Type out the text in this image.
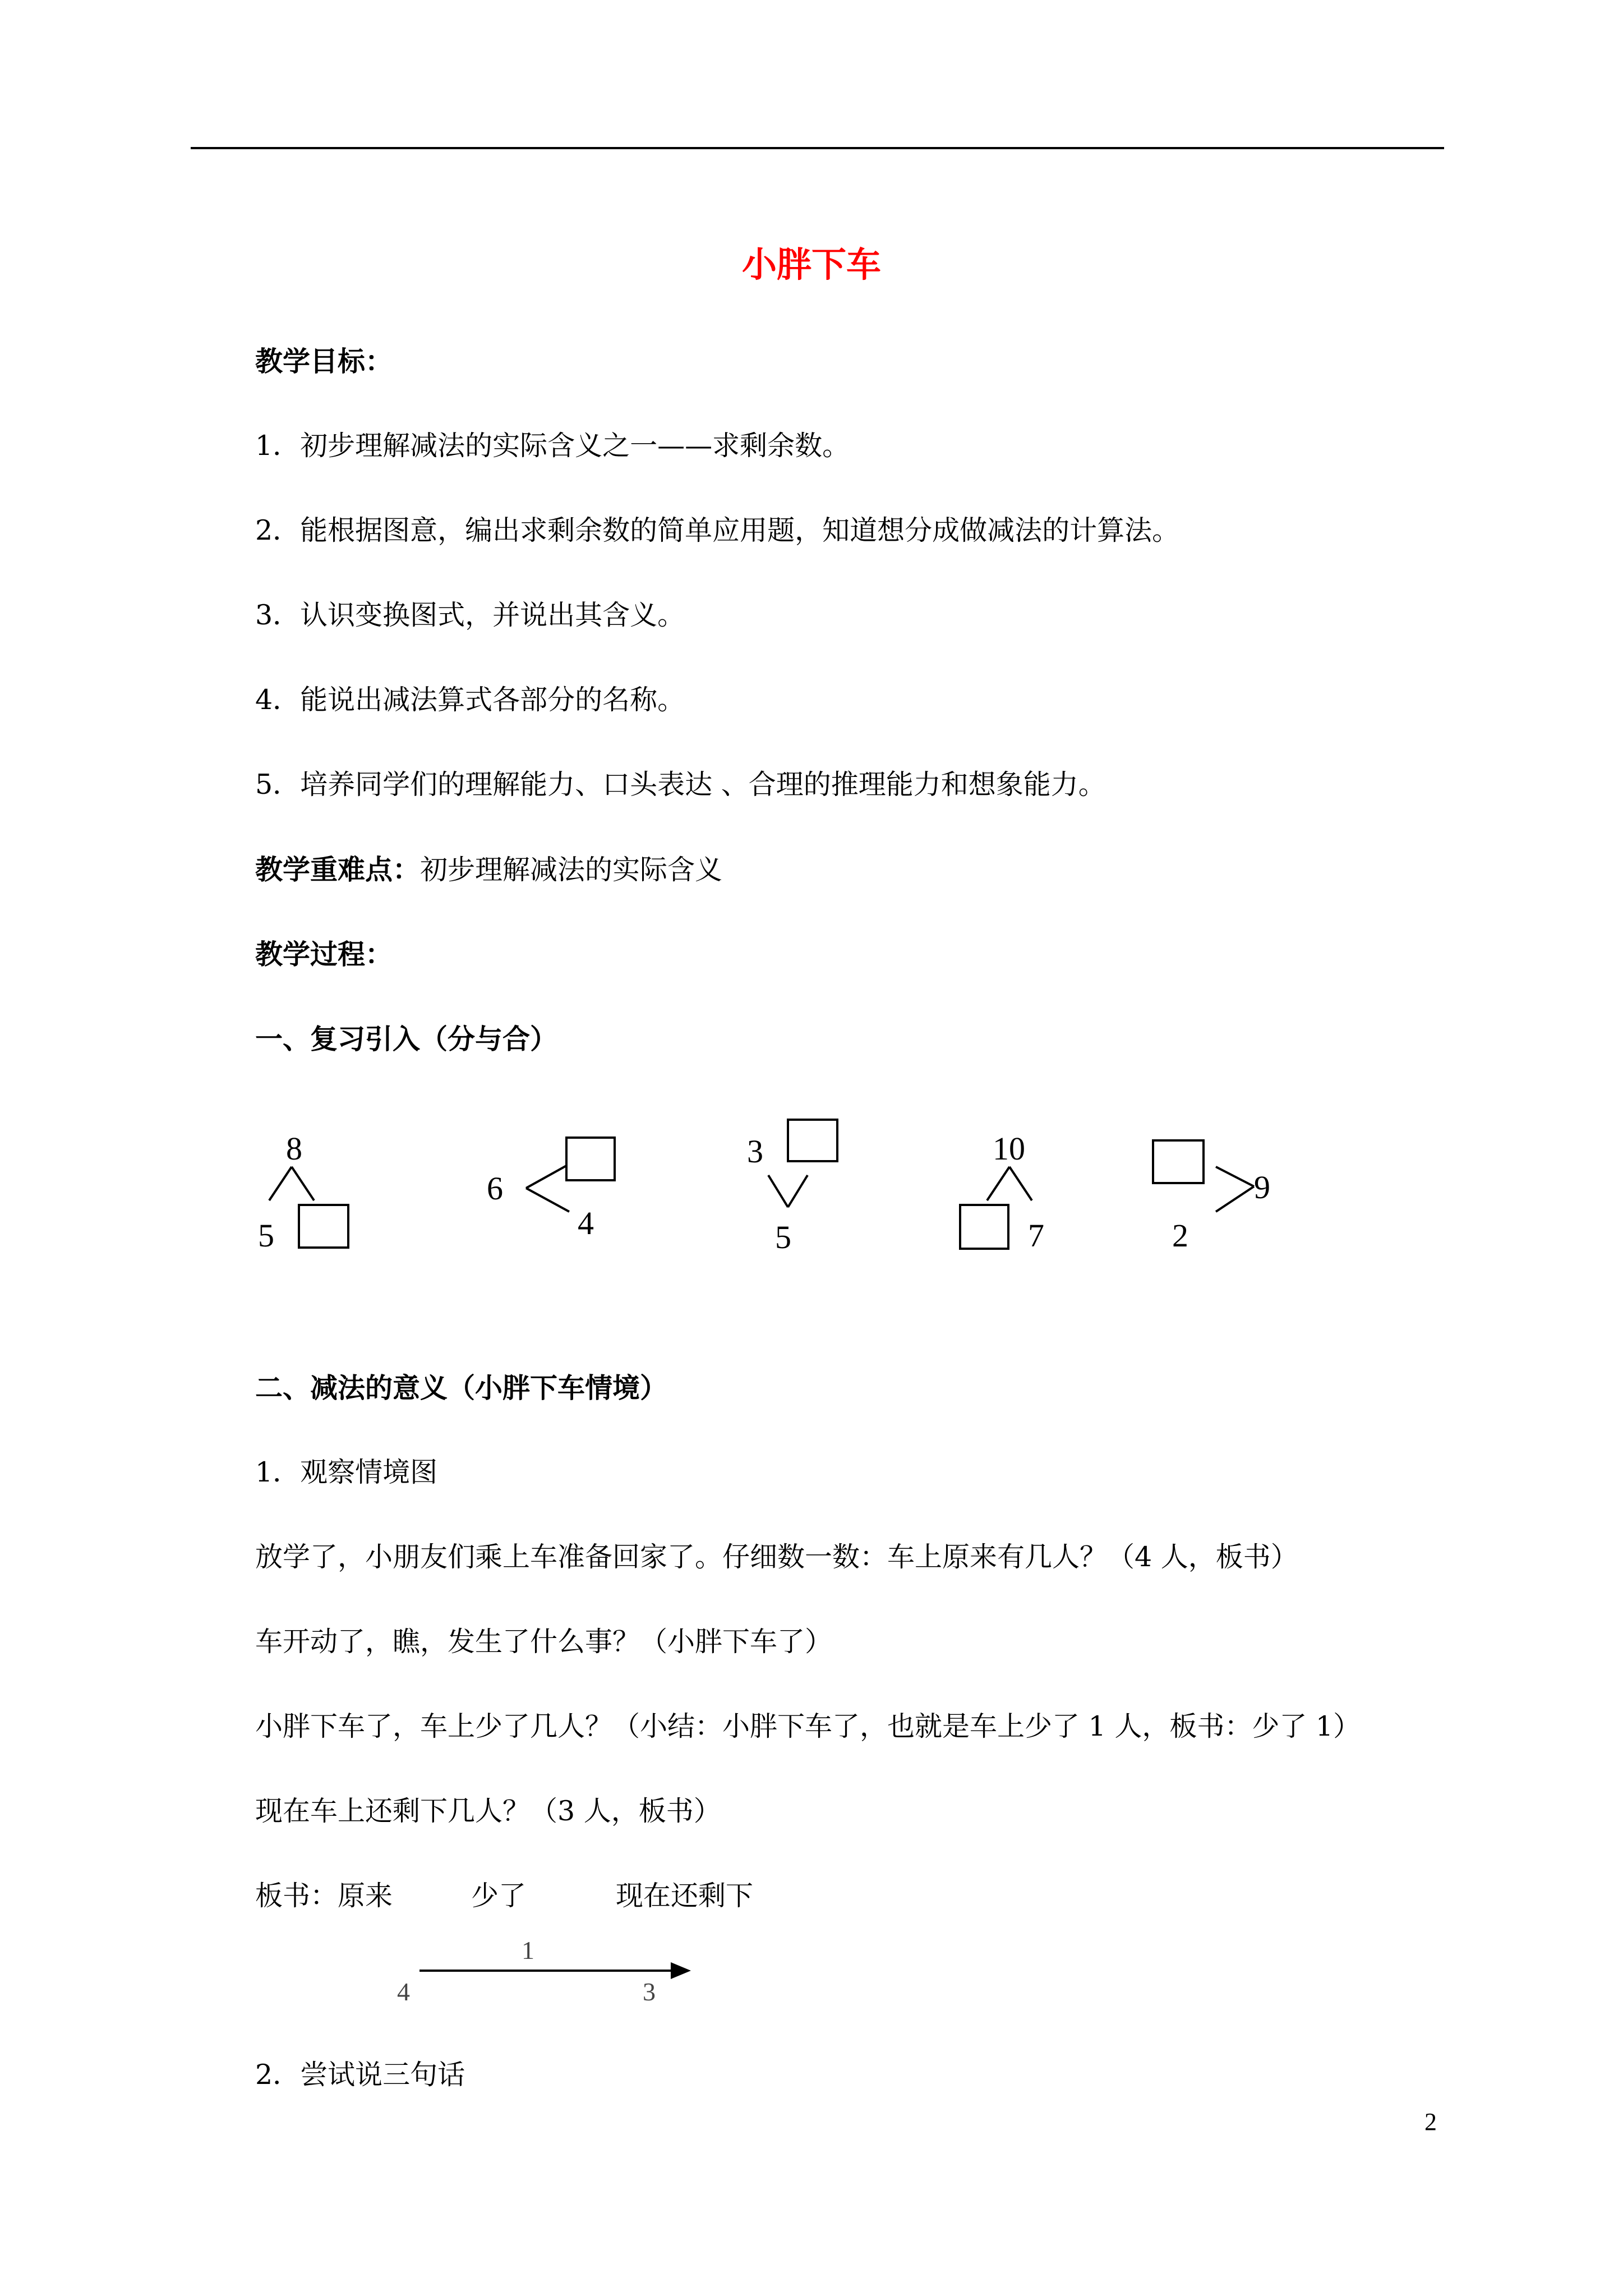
小胖下车
教学目标：
1．初步理解减法的实际含义之一——求剩余数。
2．能根据图意，编出求剩余数的简单应用题，知道想分成做减法的计算法。
3．认识变换图式，并说出其含义。
4．能说出减法算式各部分的名称。
5．培养同学们的理解能力、口头表达 、合理的推理能力和想象能力。
教学重难点：初步理解减法的实际含义
教学过程：
一、复习引入（分与合）
8
5
6
4
3
5
10
7
9
2
1
4	3
二、减法的意义（小胖下车情境）
1．观察情境图
放学了，小朋友们乘上车准备回家了。仔细数一数：车上原来有几人？（4 人，板书）
车开动了，瞧，发生了什么事？（小胖下车了）
小胖下车了，车上少了几人？（小结：小胖下车了，也就是车上少了 1 人，板书：少了 1）
现在车上还剩下几人？（3 人，板书）
板书：原来	少了	现在还剩下
2．尝试说三句话
2
